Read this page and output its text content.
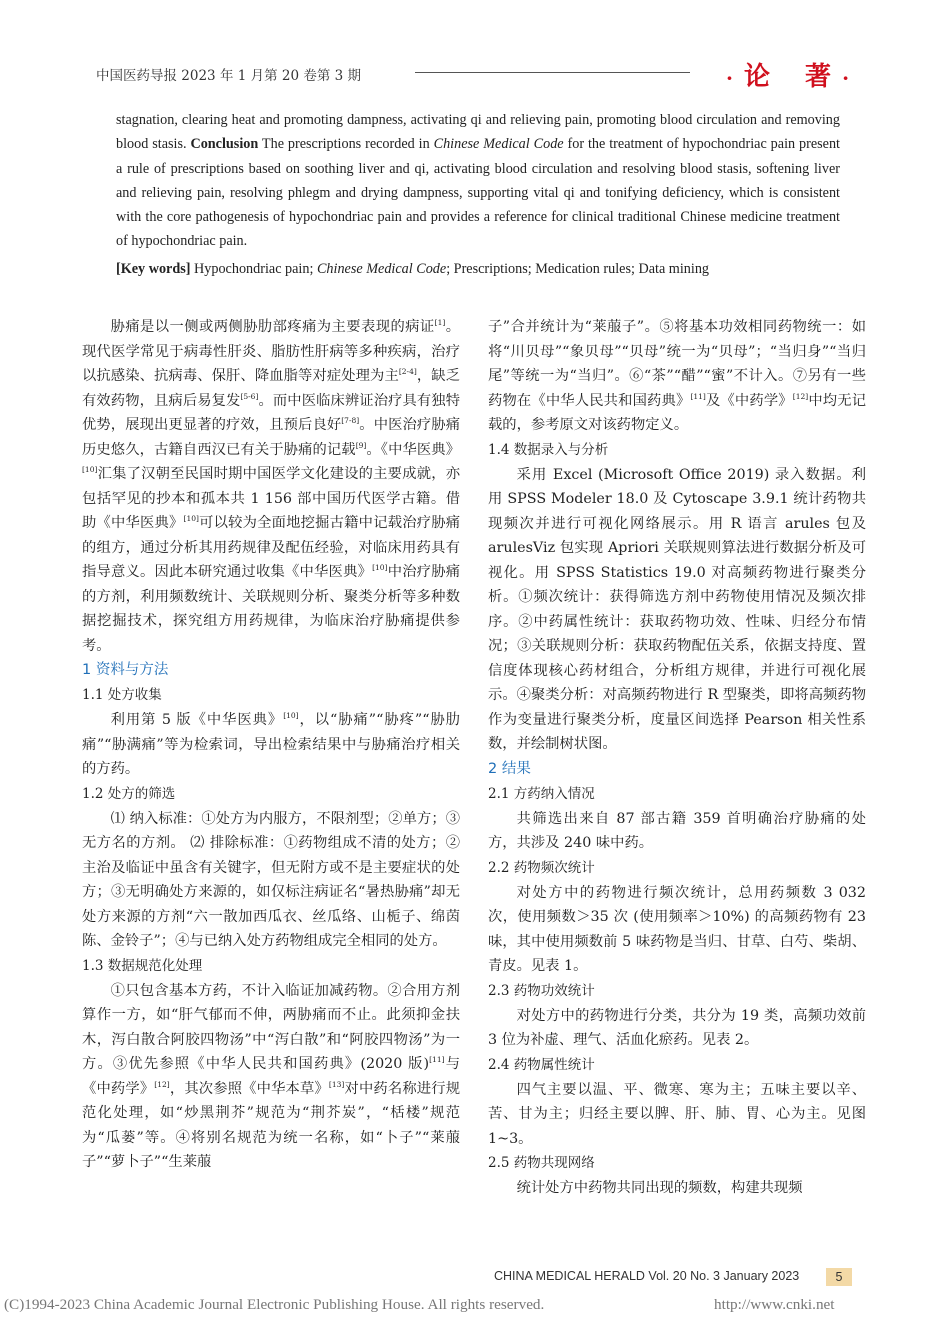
中国医药导报 2023 年 1 月第 20 卷第 3 期	· 论 著 ·

stagnation, clearing heat and promoting dampness, activating qi and relieving pain, promoting blood circulation and removing blood stasis. Conclusion The prescriptions recorded in Chinese Medical Code for the treatment of hypochondriac pain present a rule of prescriptions based on soothing liver and qi, activating blood circulation and resolving blood stasis, softening liver and relieving pain, resolving phlegm and drying dampness, supporting vital qi and tonifying deficiency, which is consistent with the core pathogenesis of hypochondriac pain and provides a reference for clinical traditional Chinese medicine treatment of hypochondriac pain.

[Key words] Hypochondriac pain; Chinese Medical Code; Prescriptions; Medication rules; Data mining

胁痛是以一侧或两侧胁肋部疼痛为主要表现的病证[1]。现代医学常见于病毒性肝炎、脂肪性肝病等多种疾病，治疗以抗感染、抗病毒、保肝、降血脂等对症处理为主[2-4]，缺乏有效药物，且病后易复发[5-6]。而中医临床辨证治疗具有独特优势，展现出更显著的疗效，且预后良好[7-8]。中医治疗胁痛历史悠久，古籍自西汉已有关于胁痛的记载[9]。《中华医典》[10]汇集了汉朝至民国时期中国医学文化建设的主要成就，亦包括罕见的抄本和孤本共 1 156 部中国历代医学古籍。借助《中华医典》[10]可以较为全面地挖掘古籍中记载治疗胁痛的组方，通过分析其用药规律及配伍经验，对临床用药具有指导意义。因此本研究通过收集《中华医典》[10]中治疗胁痛的方剂，利用频数统计、关联规则分析、聚类分析等多种数据挖掘技术，探究组方用药规律，为临床治疗胁痛提供参考。

1 资料与方法
1.1 处方收集

利用第 5 版《中华医典》[10]，以“胁痛”“胁疼”“胁肋痛”“胁满痛”等为检索词，导出检索结果中与胁痛治疗相关的方药。

1.2 处方的筛选

⑴ 纳入标准：①处方为内服方，不限剂型；②单方；③无方名的方剂。 ⑵ 排除标准：①药物组成不清的处方；②主治及临证中虽含有关键字，但无附方或不是主要症状的处方；③无明确处方来源的，如仅标注病证名“暑热胁痛”却无处方来源的方剂“六一散加西瓜衣、丝瓜络、山栀子、绵茵陈、金铃子”；④与已纳入处方药物组成完全相同的处方。

1.3 数据规范化处理

①只包含基本方药，不计入临证加减药物。②合用方剂算作一方，如“肝气郁而不伸，两胁痛而不止。此须抑金扶木，泻白散合阿胶四物汤”中“泻白散”和“阿胶四物汤”为一方。③优先参照《中华人民共和国药典》(2020 版)[11]与《中药学》[12]，其次参照《中华本草》[13]对中药名称进行规范化处理，如“炒黑荆芥”规范为“荆芥炭”，“栝楼”规范为“瓜蒌”等。④将别名规范为统一名称，如“卜子”“莱菔子”“萝卜子”“生莱菔

子”合并统计为“莱菔子”。⑤将基本功效相同药物统一：如将“川贝母”“象贝母”“贝母”统一为“贝母”；“当归身”“当归尾”等统一为“当归”。⑥“茶”“醋”“蜜”不计入。⑦另有一些药物在《中华人民共和国药典》[11]及《中药学》[12]中均无记载的，参考原文对该药物定义。

1.4 数据录入与分析

采用 Excel (Microsoft Office 2019) 录入数据。利用 SPSS Modeler 18.0 及 Cytoscape 3.9.1 统计药物共现频次并进行可视化网络展示。用 R 语言 arules 包及 arulesViz 包实现 Apriori 关联规则算法进行数据分析及可视化。用 SPSS Statistics 19.0 对高频药物进行聚类分析。①频次统计：获得筛选方剂中药物使用情况及频次排序。②中药属性统计：获取药物功效、性味、归经分布情况；③关联规则分析：获取药物配伍关系，依据支持度、置信度体现核心药材组合，分析组方规律，并进行可视化展示。④聚类分析：对高频药物进行 R 型聚类，即将高频药物作为变量进行聚类分析，度量区间选择 Pearson 相关性系数，并绘制树状图。

2 结果
2.1 方药纳入情况

共筛选出来自 87 部古籍 359 首明确治疗胁痛的处方，共涉及 240 味中药。

2.2 药物频次统计

对处方中的药物进行频次统计，总用药频数 3 032 次，使用频数＞35 次 (使用频率＞10%) 的高频药物有 23 味，其中使用频数前 5 味药物是当归、甘草、白芍、柴胡、青皮。见表 1。

2.3 药物功效统计

对处方中的药物进行分类，共分为 19 类，高频功效前 3 位为补虚、理气、活血化瘀药。见表 2。

2.4 药物属性统计

四气主要以温、平、微寒、寒为主；五味主要以辛、苦、甘为主；归经主要以脾、肝、肺、胃、心为主。见图 1~3。

2.5 药物共现网络

统计处方中药物共同出现的频数，构建共现频

CHINA MEDICAL HERALD Vol. 20 No. 3 January 2023	5
(C)1994-2023 China Academic Journal Electronic Publishing House. All rights reserved.	http://www.cnki.net
